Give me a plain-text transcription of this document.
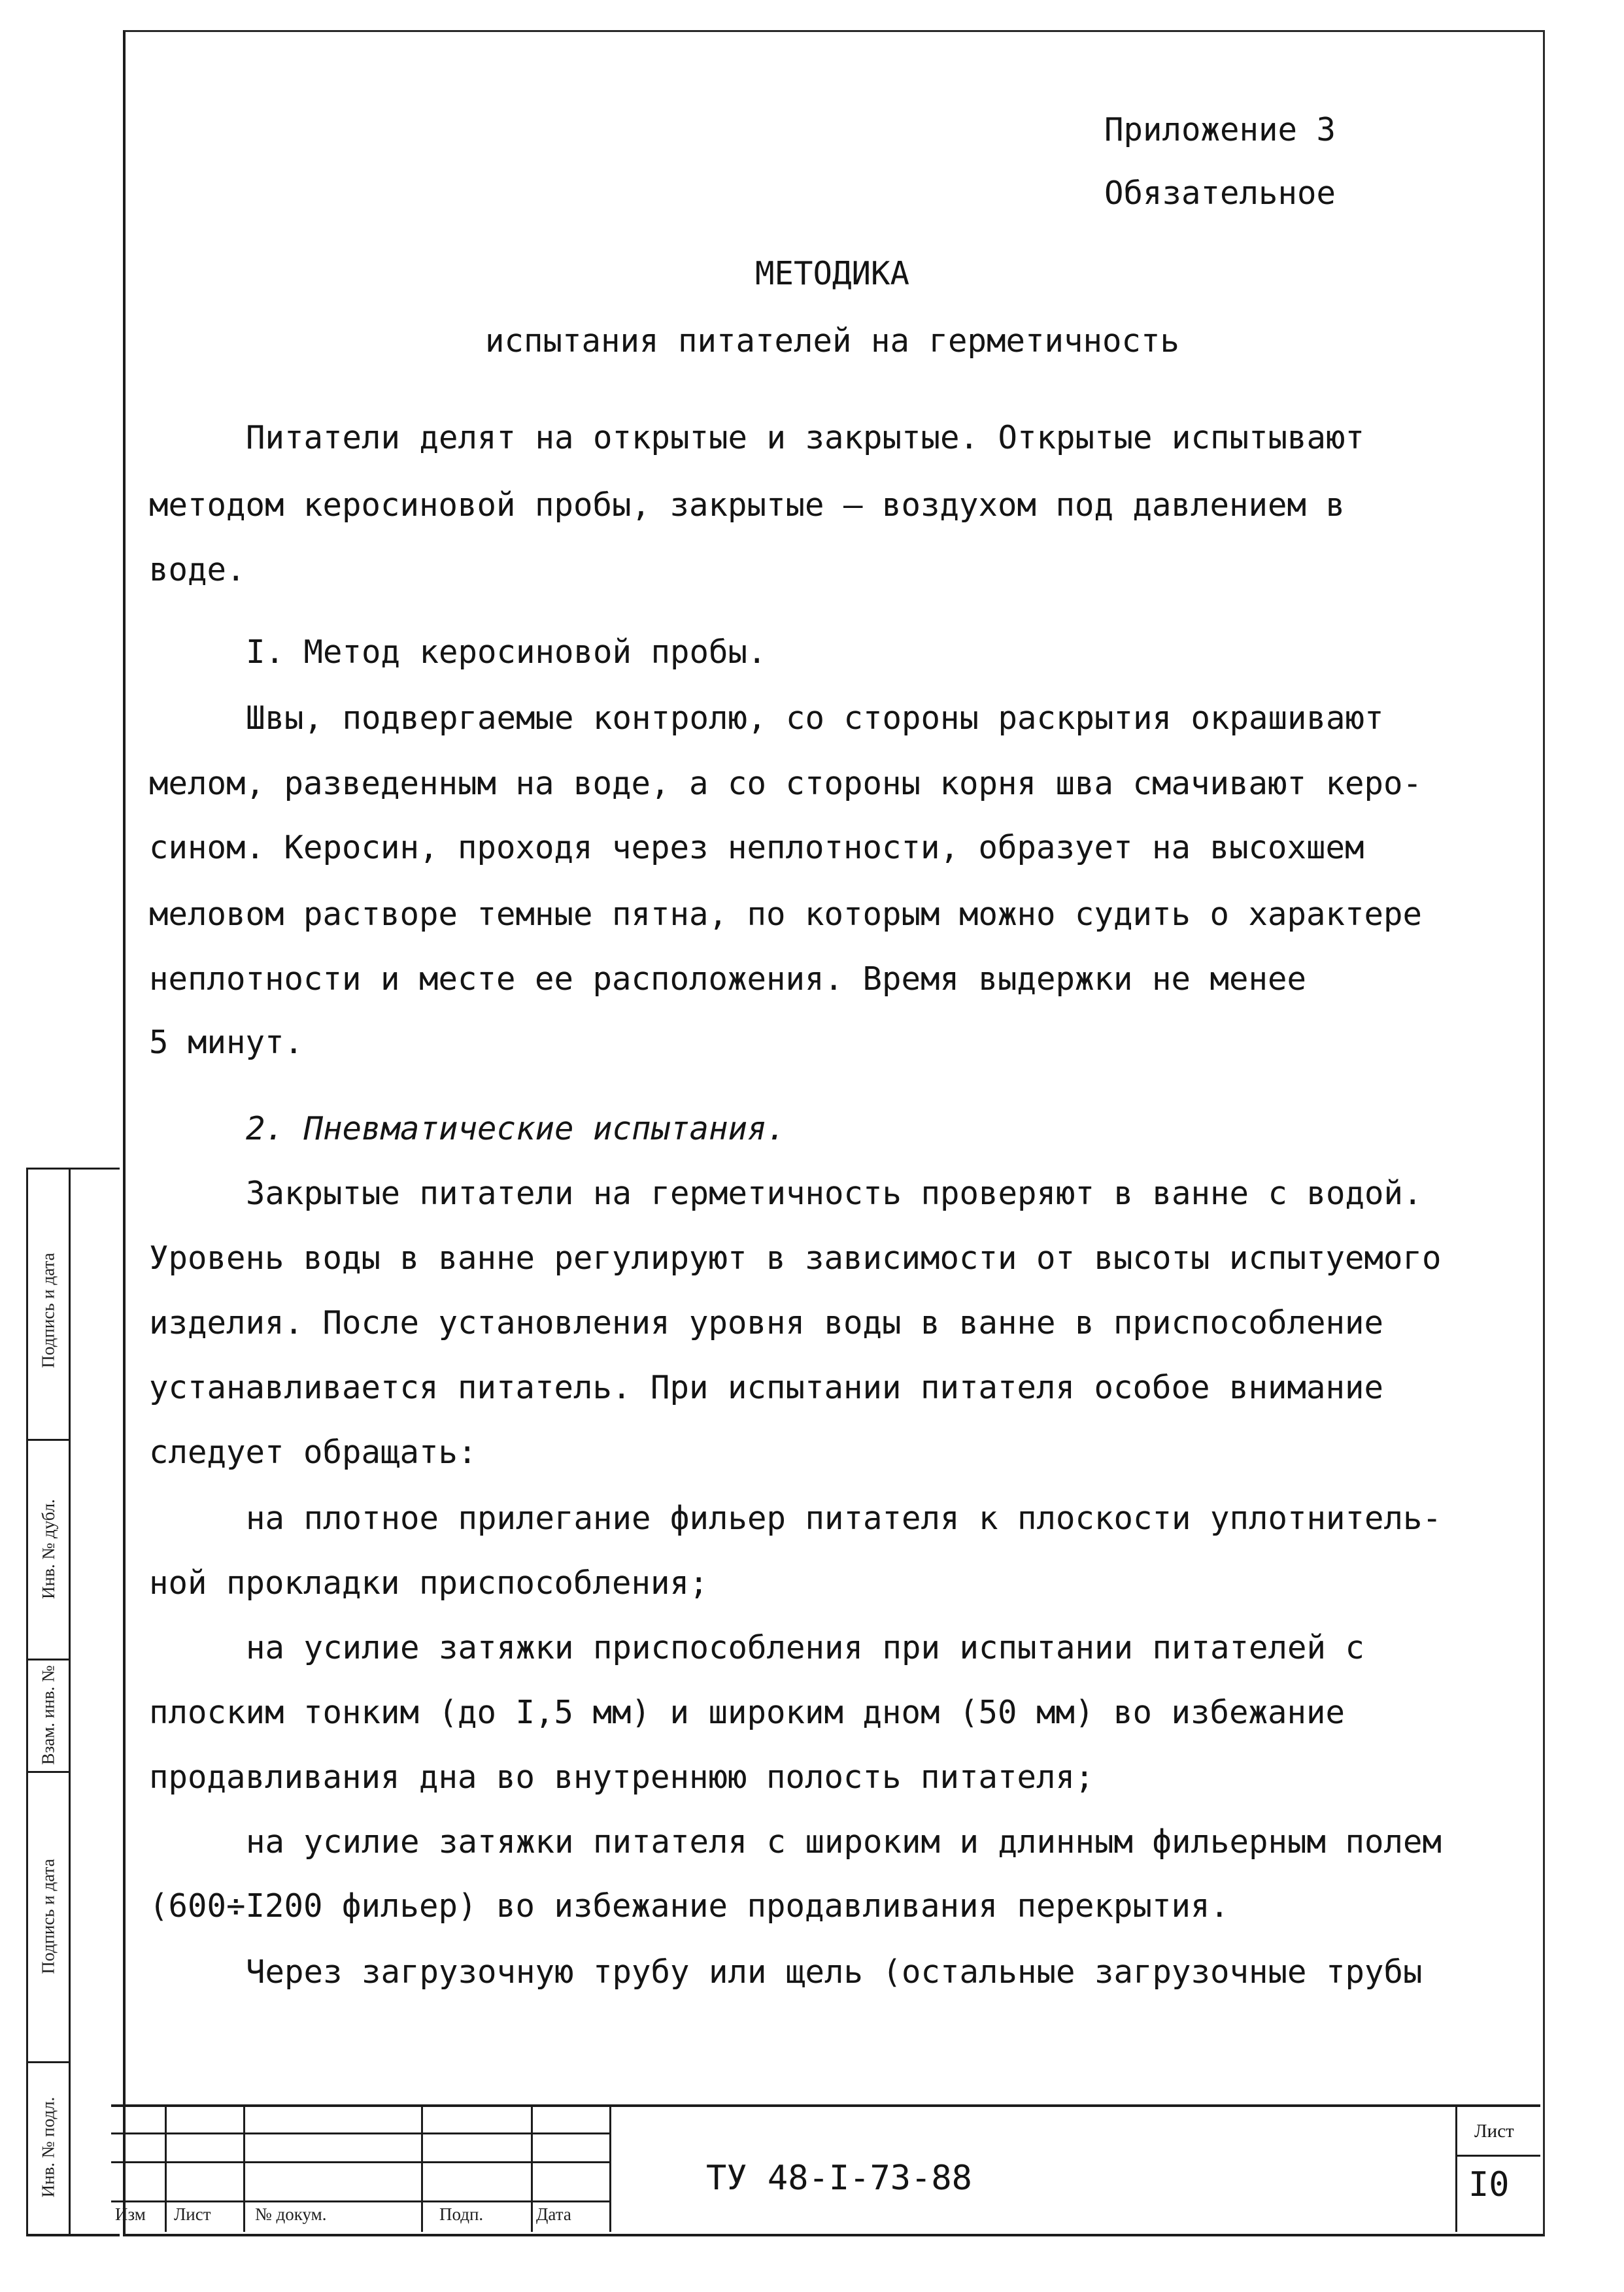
Приложение 3
Обязательное
МЕТОДИКА
испытания питателей на герметичность
Питатели делят на открытые и закрытые. Открытые испытывают
методом керосиновой пробы, закрытые – воздухом под давлением в
воде.
I. Метод керосиновой пробы.
Швы, подвергаемые контролю, со стороны раскрытия окрашивают
мелом, разведенным на воде, а со стороны корня шва смачивают керо-
сином. Керосин, проходя через неплотности, образует на высохшем
меловом растворе темные пятна, по которым можно судить о характере
неплотности и месте ее расположения. Время выдержки не менее
5 минут.
2. Пневматические испытания.
Закрытые питатели на герметичность проверяют в ванне с водой.
Уровень воды в ванне регулируют в зависимости от высоты испытуемого
изделия. После установления уровня воды в ванне в приспособление
устанавливается питатель. При испытании питателя особое внимание
следует обращать:
на плотное прилегание фильер питателя к плоскости уплотнитель-
ной прокладки приспособления;
на усилие затяжки приспособления при испытании питателей с
плоским тонким (до I,5 мм) и широким дном (50 мм) во избежание
продавливания дна во внутреннюю полость питателя;
на усилие затяжки питателя с широким и длинным фильерным полем
(600÷I200 фильер) во избежание продавливания перекрытия.
Через загрузочную трубу или щель (остальные загрузочные трубы
Подпись и дата
Инв. № дубл.
Взам. инв. №
Подпись и дата
Инв. № подл.
Изм Лист № докум.	Подп.	Дата
ТУ 48-I-73-88
Лист
I0
